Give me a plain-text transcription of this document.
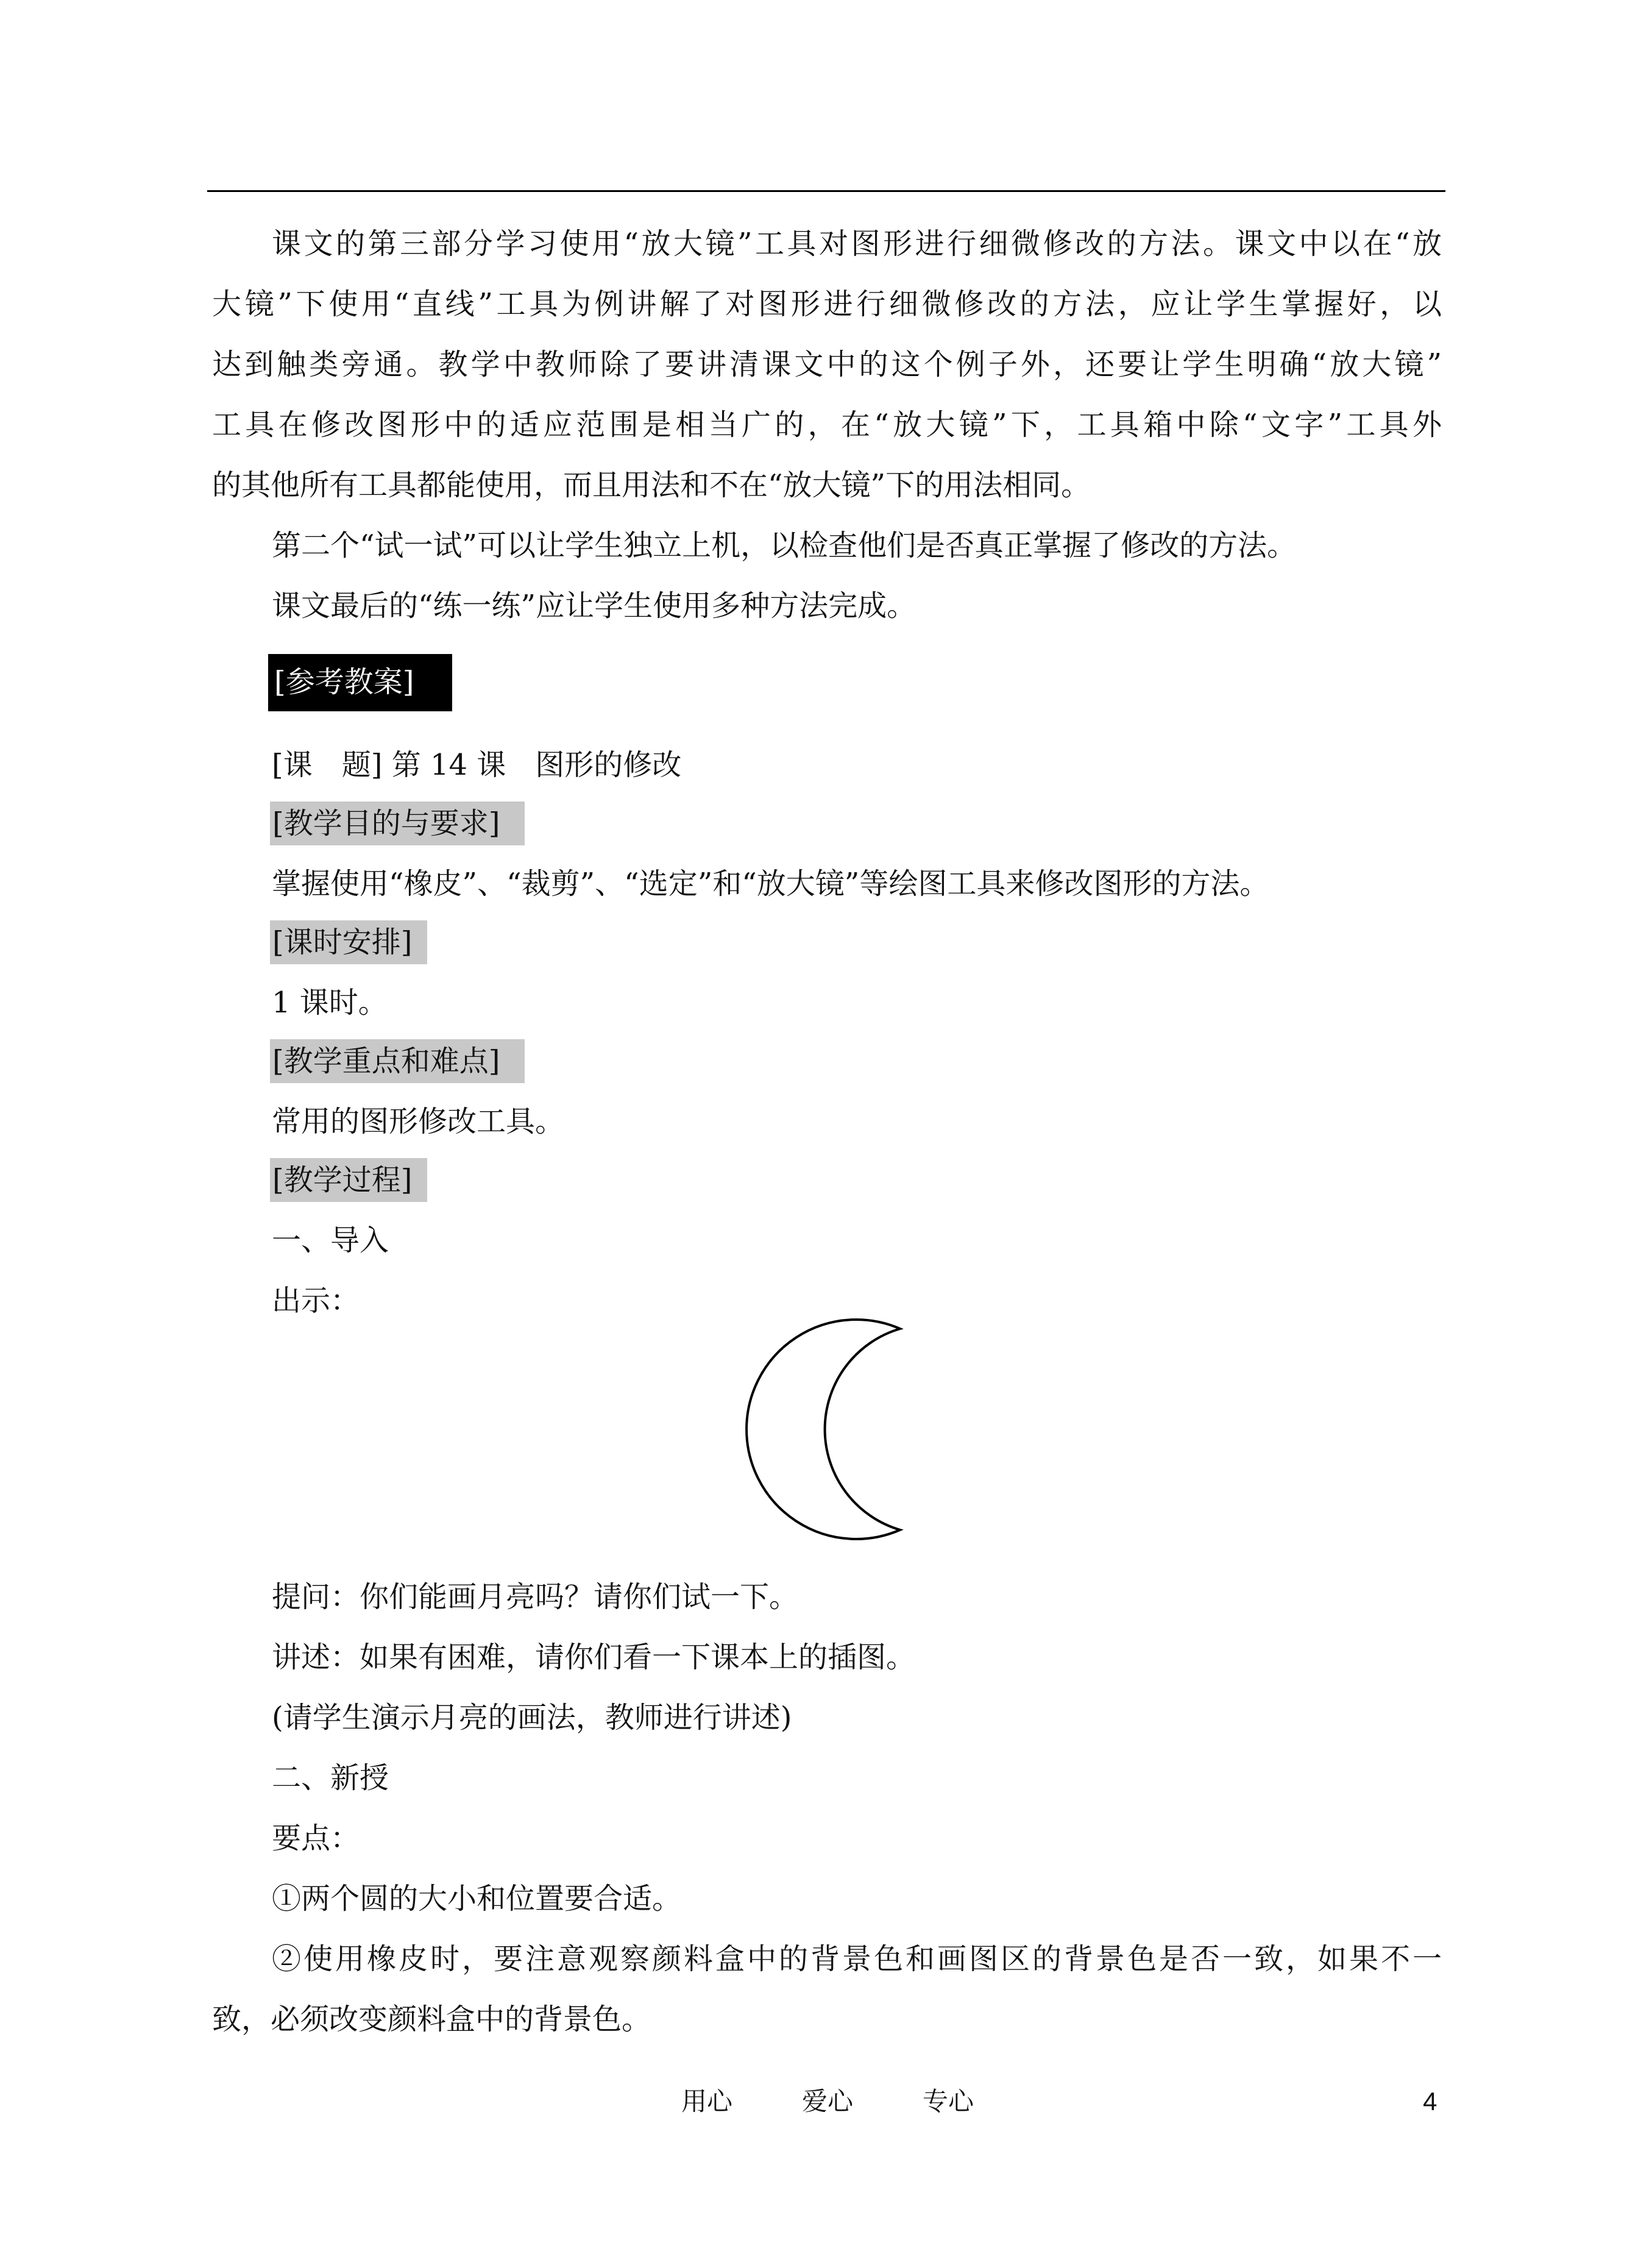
课文的第三部分学习使用“放大镜”工具对图形进行细微修改的方法。课文中以在“放

大镜”下使用“直线”工具为例讲解了对图形进行细微修改的方法，应让学生掌握好，以

达到触类旁通。教学中教师除了要讲清课文中的这个例子外，还要让学生明确“放大镜”

工具在修改图形中的适应范围是相当广的，在“放大镜”下，工具箱中除“文字”工具外

的其他所有工具都能使用，而且用法和不在“放大镜”下的用法相同。

第二个“试一试”可以让学生独立上机，以检查他们是否真正掌握了修改的方法。

课文最后的“练一练”应让学生使用多种方法完成。

[参考教案]

[课　题] 第 14 课　图形的修改

[教学目的与要求]

掌握使用“橡皮”、“裁剪”、“选定”和“放大镜”等绘图工具来修改图形的方法。

[课时安排]

1 课时。

[教学重点和难点]

常用的图形修改工具。

[教学过程]

一、导入

出示：

提问：你们能画月亮吗？请你们试一下。

讲述：如果有困难，请你们看一下课本上的插图。

(请学生演示月亮的画法，教师进行讲述)

二、新授

要点：

①两个圆的大小和位置要合适。

②使用橡皮时，要注意观察颜料盒中的背景色和画图区的背景色是否一致，如果不一

致，必须改变颜料盒中的背景色。

用心	爱心	专心	4
